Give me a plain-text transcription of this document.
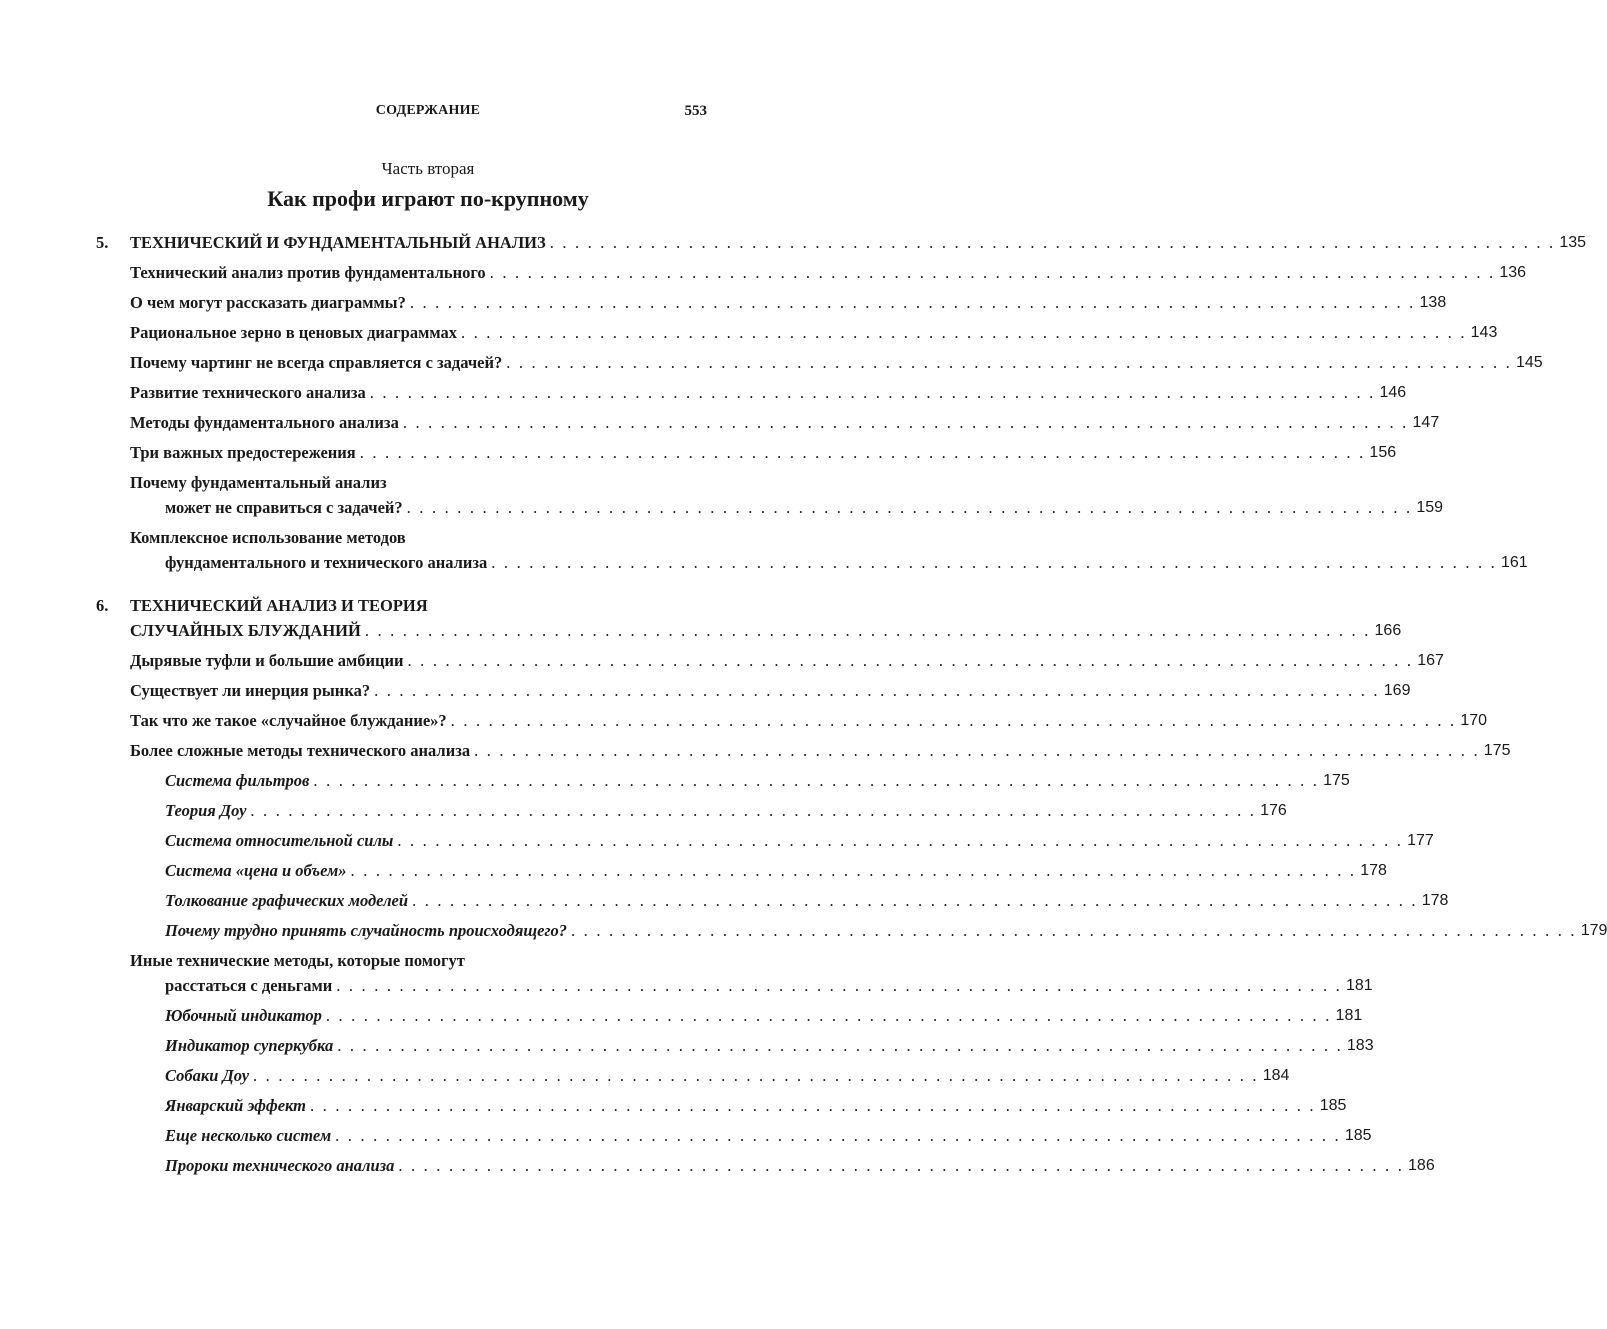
СОДЕРЖАНИЕ	553
Часть вторая
Как профи играют по-крупному
5. ТЕХНИЧЕСКИЙ И ФУНДАМЕНТАЛЬНЫЙ АНАЛИЗ . . . . . . . . . . . . . . . . . . . . . . . . . . . . . . . . . . . . . . . . . . . . . . . . . . . . . . . . . . . . . . . . . . . . . . . . . . . . . . . . 135
Технический анализ против фундаментального . . . . . . . . . . . . . . . . . . . . . . . . . . . . . . . . . . . . . . . . . . . . . . . . . . . . . . . . . . . . . . . . . . . . . . . . . . . . . . . . 136
О чем могут рассказать диаграммы? . . . . . . . . . . . . . . . . . . . . . . . . . . . . . . . . . . . . . . . . . . . . . . . . . . . . . . . . . . . . . . . . . . . . . . . . . . . . . . . . 138
Рациональное зерно в ценовых диаграммах . . . . . . . . . . . . . . . . . . . . . . . . . . . . . . . . . . . . . . . . . . . . . . . . . . . . . . . . . . . . . . . . . . . . . . . . . . . . . . . . 143
Почему чартинг не всегда справляется с задачей? . . . . . . . . . . . . . . . . . . . . . . . . . . . . . . . . . . . . . . . . . . . . . . . . . . . . . . . . . . . . . . . . . . . . . . . . . . . . . . . . 145
Развитие технического анализа . . . . . . . . . . . . . . . . . . . . . . . . . . . . . . . . . . . . . . . . . . . . . . . . . . . . . . . . . . . . . . . . . . . . . . . . . . . . . . . . 146
Методы фундаментального анализа . . . . . . . . . . . . . . . . . . . . . . . . . . . . . . . . . . . . . . . . . . . . . . . . . . . . . . . . . . . . . . . . . . . . . . . . . . . . . . . . 147
Три важных предостережения . . . . . . . . . . . . . . . . . . . . . . . . . . . . . . . . . . . . . . . . . . . . . . . . . . . . . . . . . . . . . . . . . . . . . . . . . . . . . . . . 156
Почему фундаментальный анализ
может не справиться с задачей? . . . . . . . . . . . . . . . . . . . . . . . . . . . . . . . . . . . . . . . . . . . . . . . . . . . . . . . . . . . . . . . . . . . . . . . . . . . . . . . . 159
Комплексное использование методов
фундаментального и технического анализа . . . . . . . . . . . . . . . . . . . . . . . . . . . . . . . . . . . . . . . . . . . . . . . . . . . . . . . . . . . . . . . . . . . . . . . . . . . . . . . . 161
6. ТЕХНИЧЕСКИЙ АНАЛИЗ И ТЕОРИЯ
СЛУЧАЙНЫХ БЛУЖДАНИЙ . . . . . . . . . . . . . . . . . . . . . . . . . . . . . . . . . . . . . . . . . . . . . . . . . . . . . . . . . . . . . . . . . . . . . . . . . . . . . . . . 166
Дырявые туфли и большие амбиции . . . . . . . . . . . . . . . . . . . . . . . . . . . . . . . . . . . . . . . . . . . . . . . . . . . . . . . . . . . . . . . . . . . . . . . . . . . . . . . . 167
Существует ли инерция рынка? . . . . . . . . . . . . . . . . . . . . . . . . . . . . . . . . . . . . . . . . . . . . . . . . . . . . . . . . . . . . . . . . . . . . . . . . . . . . . . . . 169
Так что же такое «случайное блуждание»? . . . . . . . . . . . . . . . . . . . . . . . . . . . . . . . . . . . . . . . . . . . . . . . . . . . . . . . . . . . . . . . . . . . . . . . . . . . . . . . . 170
Более сложные методы технического анализа . . . . . . . . . . . . . . . . . . . . . . . . . . . . . . . . . . . . . . . . . . . . . . . . . . . . . . . . . . . . . . . . . . . . . . . . . . . . . . . . 175
Система фильтров . . . . . . . . . . . . . . . . . . . . . . . . . . . . . . . . . . . . . . . . . . . . . . . . . . . . . . . . . . . . . . . . . . . . . . . . . . . . . . . . 175
Теория Доу . . . . . . . . . . . . . . . . . . . . . . . . . . . . . . . . . . . . . . . . . . . . . . . . . . . . . . . . . . . . . . . . . . . . . . . . . . . . . . . . 176
Система относительной силы . . . . . . . . . . . . . . . . . . . . . . . . . . . . . . . . . . . . . . . . . . . . . . . . . . . . . . . . . . . . . . . . . . . . . . . . . . . . . . . . 177
Система «цена и объем» . . . . . . . . . . . . . . . . . . . . . . . . . . . . . . . . . . . . . . . . . . . . . . . . . . . . . . . . . . . . . . . . . . . . . . . . . . . . . . . . 178
Толкование графических моделей . . . . . . . . . . . . . . . . . . . . . . . . . . . . . . . . . . . . . . . . . . . . . . . . . . . . . . . . . . . . . . . . . . . . . . . . . . . . . . . . 178
Почему трудно принять случайность происходящего? . . . . . . . . . . . . . . . . . . . . . . . . . . . . . . . . . . . . . . . . . . . . . . . . . . . . . . . . . . . . . . . . . . . . . . . . . . . . . . . . 179
Иные технические методы, которые помогут
расстаться с деньгами . . . . . . . . . . . . . . . . . . . . . . . . . . . . . . . . . . . . . . . . . . . . . . . . . . . . . . . . . . . . . . . . . . . . . . . . . . . . . . . . 181
Юбочный индикатор . . . . . . . . . . . . . . . . . . . . . . . . . . . . . . . . . . . . . . . . . . . . . . . . . . . . . . . . . . . . . . . . . . . . . . . . . . . . . . . . 181
Индикатор суперкубка . . . . . . . . . . . . . . . . . . . . . . . . . . . . . . . . . . . . . . . . . . . . . . . . . . . . . . . . . . . . . . . . . . . . . . . . . . . . . . . . 183
Собаки Доу . . . . . . . . . . . . . . . . . . . . . . . . . . . . . . . . . . . . . . . . . . . . . . . . . . . . . . . . . . . . . . . . . . . . . . . . . . . . . . . . 184
Январский эффект . . . . . . . . . . . . . . . . . . . . . . . . . . . . . . . . . . . . . . . . . . . . . . . . . . . . . . . . . . . . . . . . . . . . . . . . . . . . . . . . 185
Еще несколько систем . . . . . . . . . . . . . . . . . . . . . . . . . . . . . . . . . . . . . . . . . . . . . . . . . . . . . . . . . . . . . . . . . . . . . . . . . . . . . . . . 185
Пророки технического анализа . . . . . . . . . . . . . . . . . . . . . . . . . . . . . . . . . . . . . . . . . . . . . . . . . . . . . . . . . . . . . . . . . . . . . . . . . . . . . . . . 186
